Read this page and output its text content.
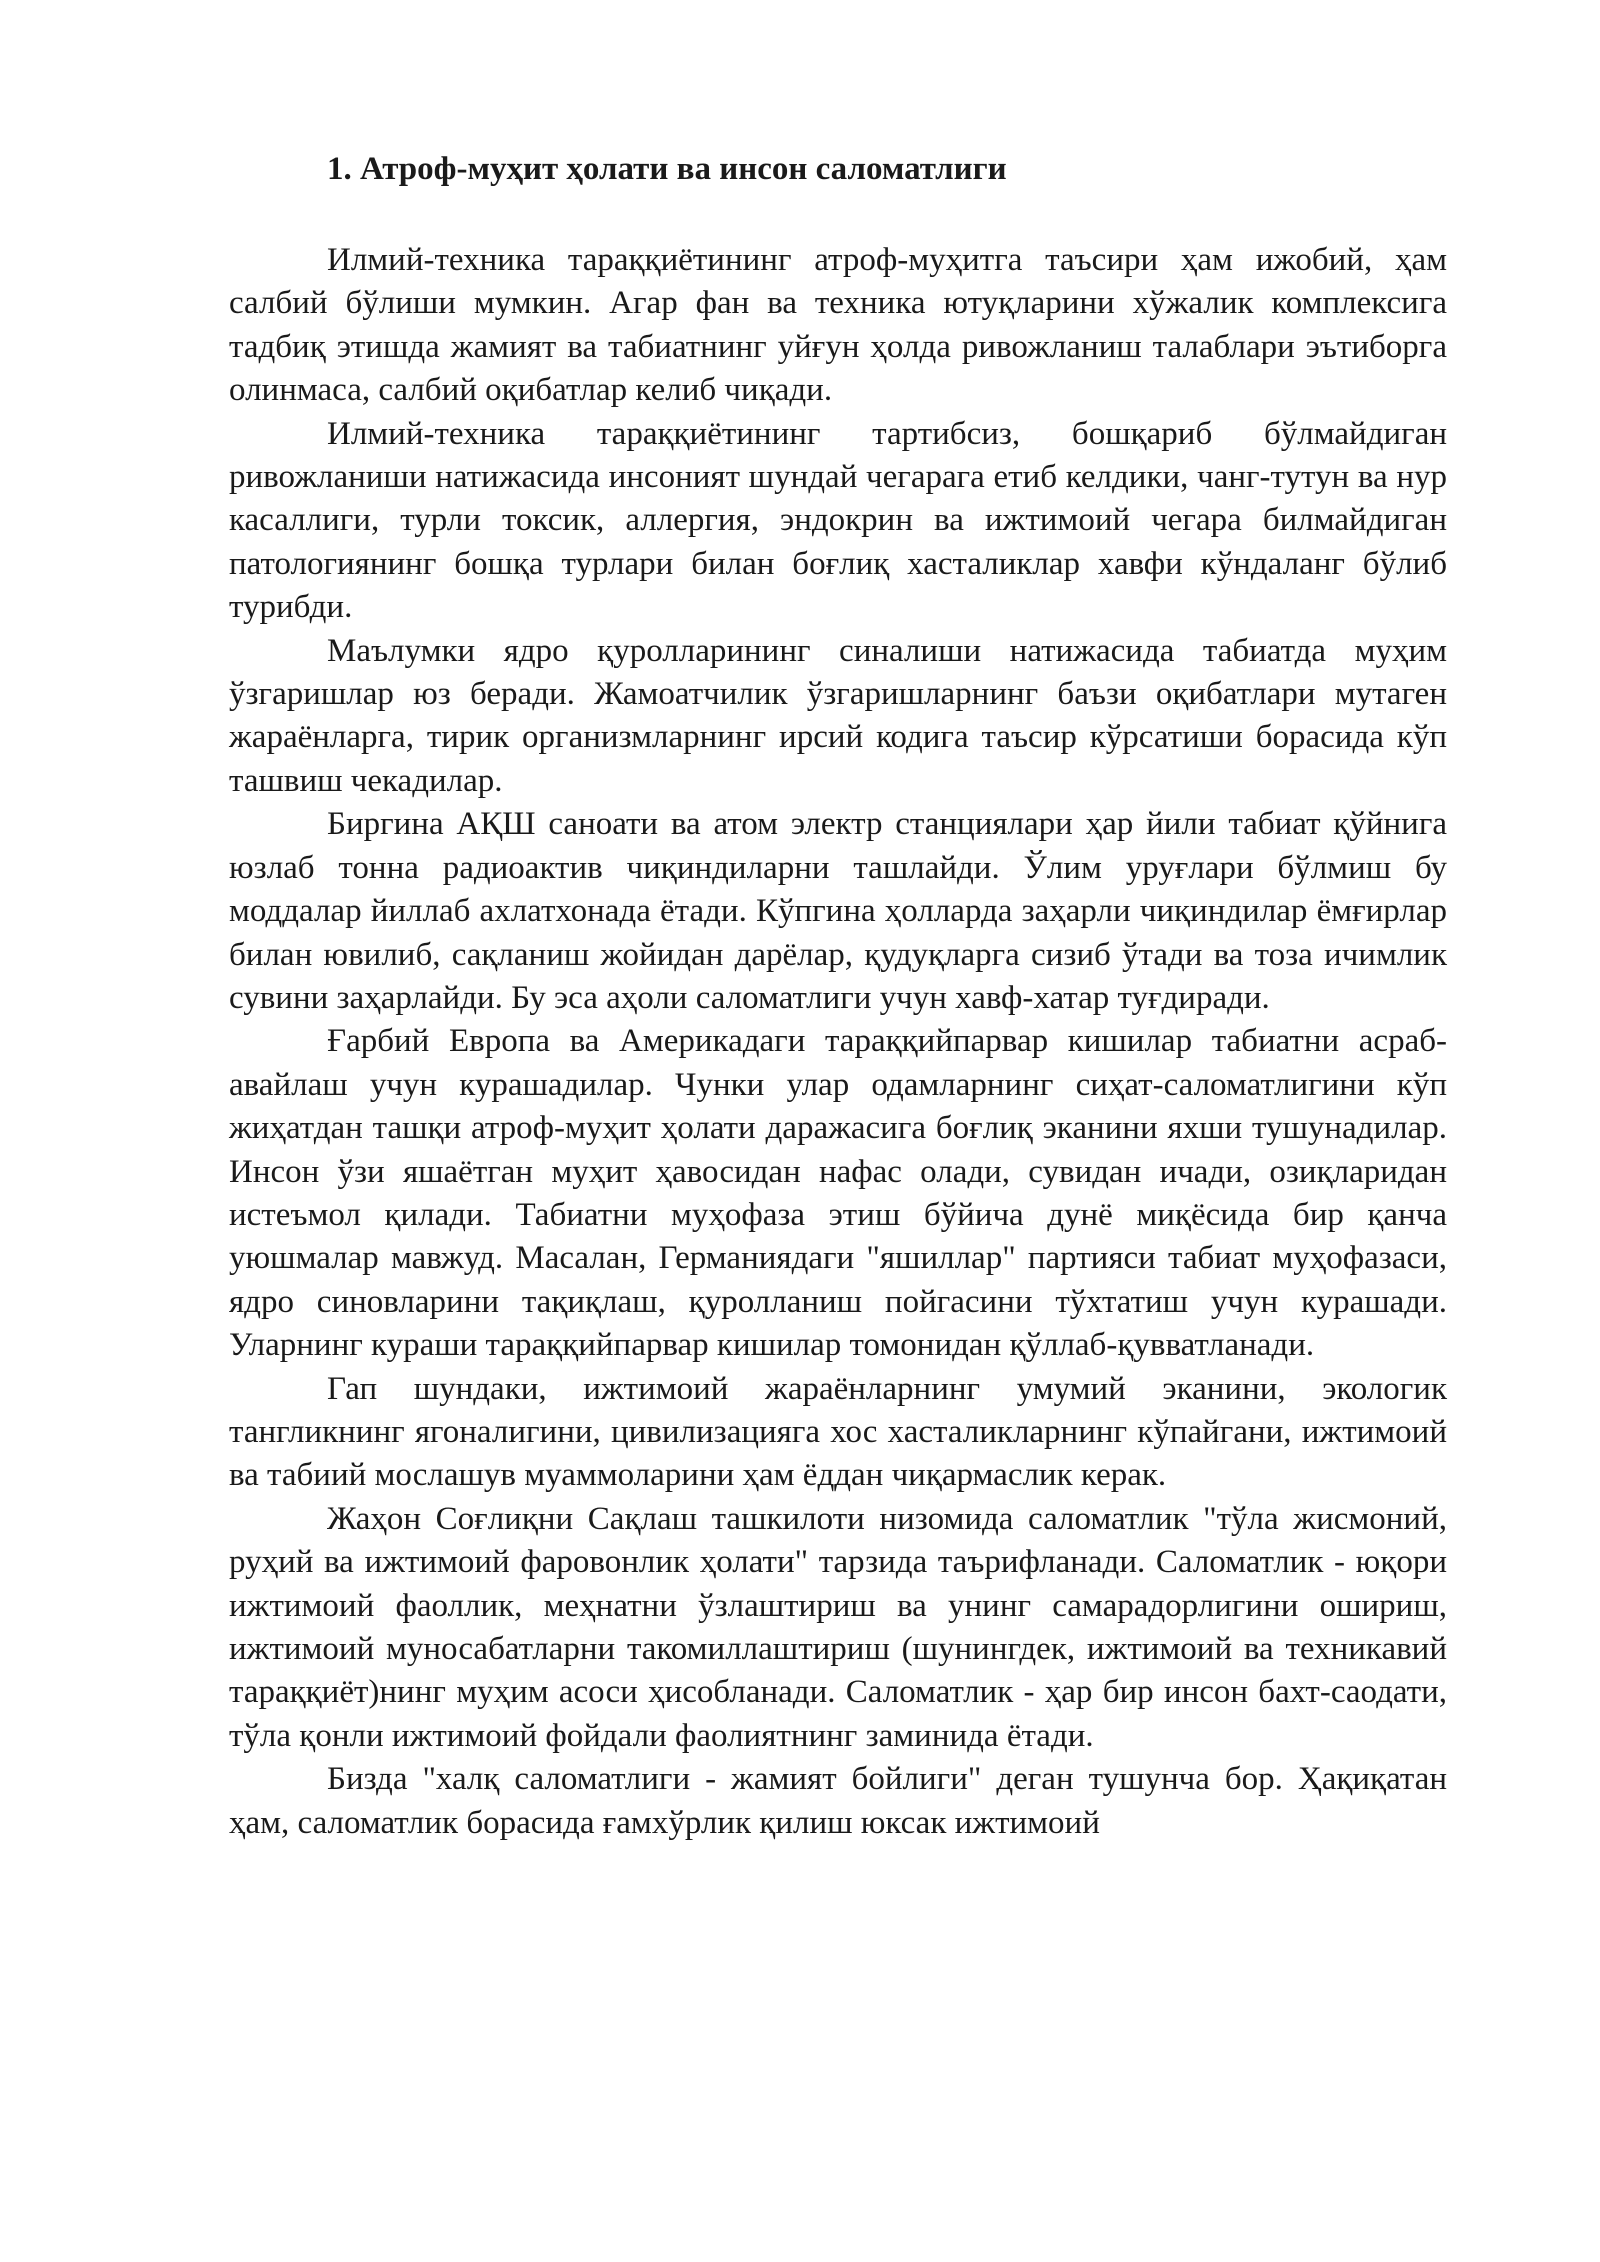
1. Атроф-муҳит ҳолати ва инсон саломатлиги

Илмий-техника тараққиётининг атроф-муҳитга таъсири ҳам ижобий, ҳам салбий бўлиши мумкин. Агар фан ва техника ютуқларини хўжалик комплексига тадбиқ этишда жамият ва табиатнинг уйғун ҳолда ривожланиш талаблари эътиборга олинмаса, салбий оқибатлар келиб чиқади.

Илмий-техника тараққиётининг тартибсиз, бошқариб бўлмайдиган ривожланиши натижасида инсоният шундай чегарага етиб келдики, чанг-тутун ва нур касаллиги, турли токсик, аллергия, эндокрин ва ижтимоий чегара билмайдиган патологиянинг бошқа турлари билан боғлиқ хасталиклар хавфи кўндаланг бўлиб турибди.

Маълумки ядро қуролларининг синалиши натижасида табиатда муҳим ўзгаришлар юз беради. Жамоатчилик ўзгаришларнинг баъзи оқибатлари мутаген жараёнларга, тирик организмларнинг ирсий кодига таъсир кўрсатиши борасида кўп ташвиш чекадилар.

Биргина АҚШ саноати ва атом электр станциялари ҳар йили табиат қўйнига юзлаб тонна радиоактив чиқиндиларни ташлайди. Ўлим уруғлари бўлмиш бу моддалар йиллаб ахлатхонада ётади. Кўпгина ҳолларда заҳарли чиқиндилар ёмғирлар билан ювилиб, сақланиш жойидан дарёлар, қудуқларга сизиб ўтади ва тоза ичимлик сувини заҳарлайди. Бу эса аҳоли саломатлиги учун хавф-хатар туғдиради.

Ғарбий Европа ва Америкадаги тараққийпарвар кишилар табиатни асраб-авайлаш учун курашадилар. Чунки улар одамларнинг сиҳат-саломатлигини кўп жиҳатдан ташқи атроф-муҳит ҳолати даражасига боғлиқ эканини яхши тушунадилар. Инсон ўзи яшаётган муҳит ҳавосидан нафас олади, сувидан ичади, озиқларидан истеъмол қилади. Табиатни муҳофаза этиш бўйича дунё миқёсида бир қанча уюшмалар мавжуд. Масалан, Германиядаги "яшиллар" партияси табиат муҳофазаси, ядро синовларини тақиқлаш, қуролланиш пойгасини тўхтатиш учун курашади. Уларнинг кураши тараққийпарвар кишилар томонидан қўллаб-қувватланади.

Гап шундаки, ижтимоий жараёнларнинг умумий эканини, экологик тангликнинг ягоналигини, цивилизацияга хос хасталикларнинг кўпайгани, ижтимоий ва табиий мослашув муаммоларини ҳам ёддан чиқармаслик керак.

Жаҳон Соғлиқни Сақлаш ташкилоти низомида саломатлик "тўла жисмоний, руҳий ва ижтимоий фаровонлик ҳолати" тарзида таърифланади. Саломатлик - юқори ижтимоий фаоллик, меҳнатни ўзлаштириш ва унинг самарадорлигини ошириш, ижтимоий муносабатларни такомиллаштириш (шунингдек, ижтимоий ва техникавий тараққиёт)нинг муҳим асоси ҳисобланади. Саломатлик - ҳар бир инсон бахт-саодати, тўла қонли ижтимоий фойдали фаолиятнинг заминида ётади.

Бизда "халқ саломатлиги - жамият бойлиги" деган тушунча бор. Ҳақиқатан ҳам, саломатлик борасида ғамхўрлик қилиш юксак ижтимоий
